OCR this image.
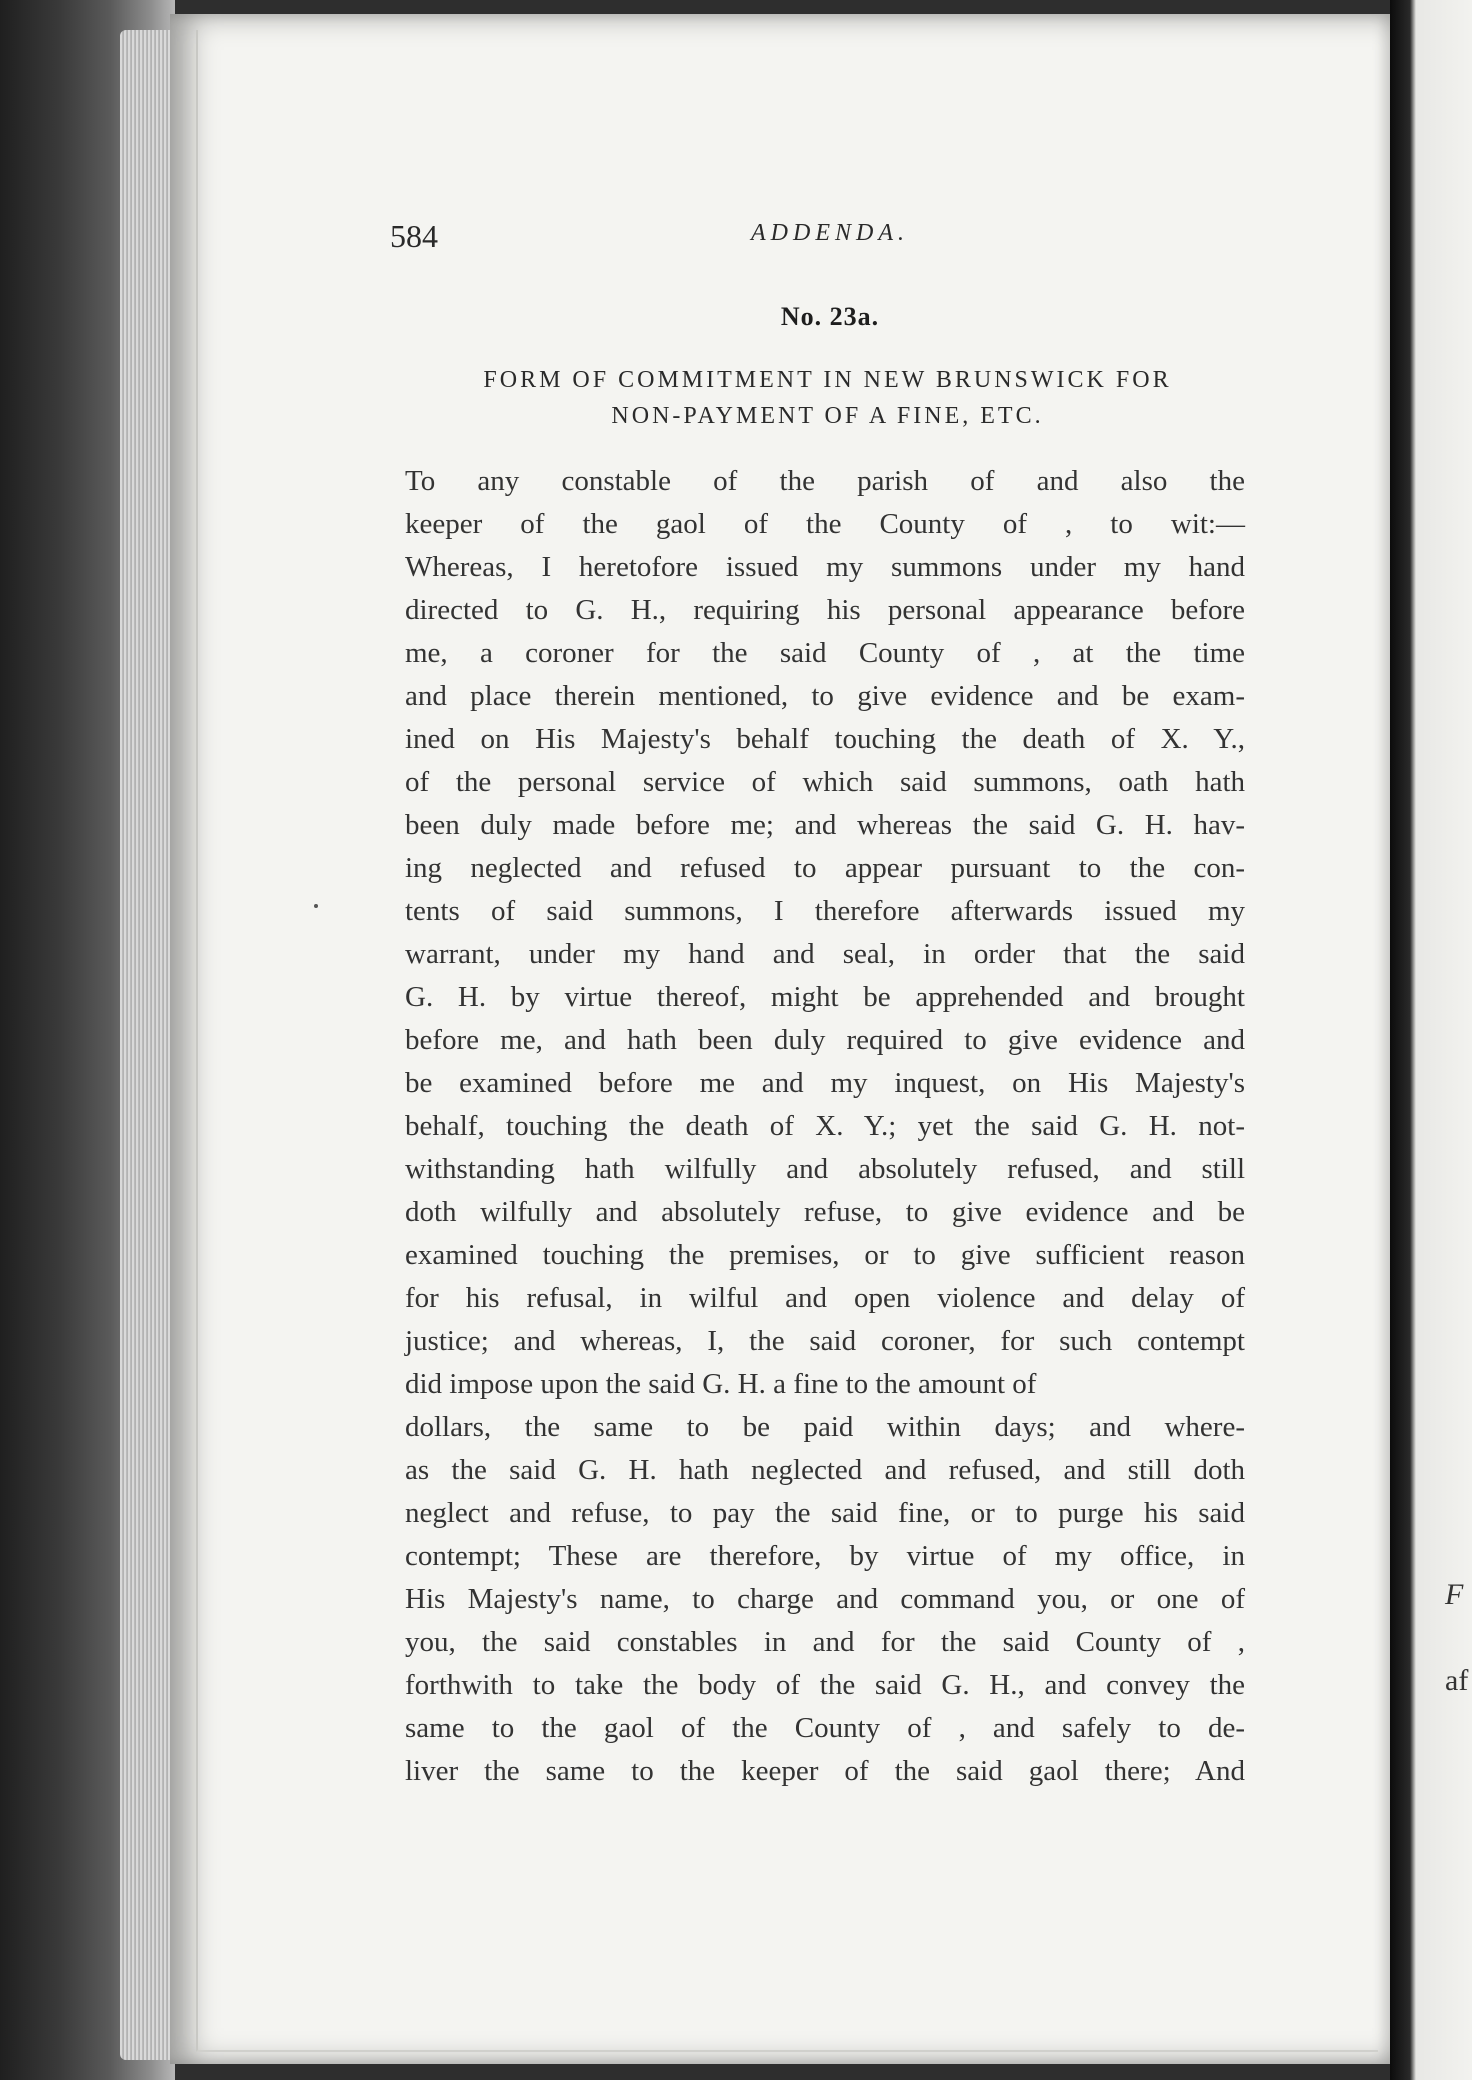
584	ADDENDA.
No. 23a.
FORM OF COMMITMENT IN NEW BRUNSWICK FOR
NON-PAYMENT OF A FINE, ETC.
To any constable of the parish of and also the
keeper of the gaol of the County of , to wit:—
Whereas, I heretofore issued my summons under my hand
directed to G. H., requiring his personal appearance before
me, a coroner for the said County of , at the time
and place therein mentioned, to give evidence and be exam-
ined on His Majesty's behalf touching the death of X. Y.,
of the personal service of which said summons, oath hath
been duly made before me; and whereas the said G. H. hav-
ing neglected and refused to appear pursuant to the con-
tents of said summons, I therefore afterwards issued my
warrant, under my hand and seal, in order that the said
G. H. by virtue thereof, might be apprehended and brought
before me, and hath been duly required to give evidence and
be examined before me and my inquest, on His Majesty's
behalf, touching the death of X. Y.; yet the said G. H. not-
withstanding hath wilfully and absolutely refused, and still
doth wilfully and absolutely refuse, to give evidence and be
examined touching the premises, or to give sufficient reason
for his refusal, in wilful and open violence and delay of
justice; and whereas, I, the said coroner, for such contempt
did impose upon the said G. H. a fine to the amount of
dollars, the same to be paid within days; and where-
as the said G. H. hath neglected and refused, and still doth
neglect and refuse, to pay the said fine, or to purge his said
contempt; These are therefore, by virtue of my office, in
His Majesty's name, to charge and command you, or one of
you, the said constables in and for the said County of ,
forthwith to take the body of the said G. H., and convey the
same to the gaol of the County of , and safely to de-
liver the same to the keeper of the said gaol there; And
F
af
